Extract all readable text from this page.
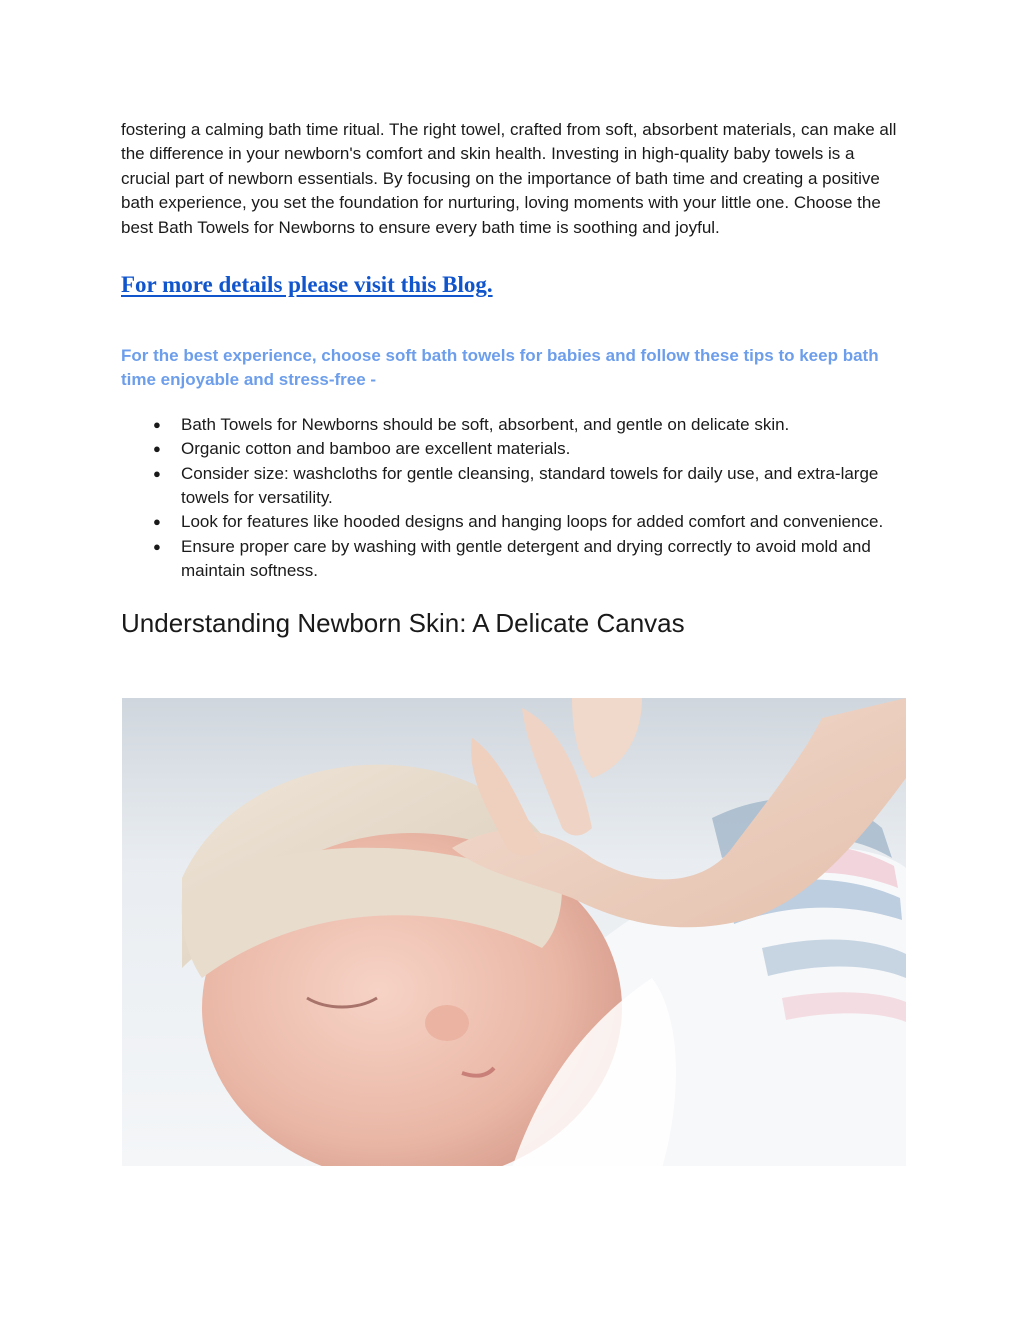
fostering a calming bath time ritual. The right towel, crafted from soft, absorbent materials, can make all the difference in your newborn's comfort and skin health. Investing in high-quality baby towels is a crucial part of newborn essentials. By focusing on the importance of bath time and creating a positive bath experience, you set the foundation for nurturing, loving moments with your little one. Choose the best Bath Towels for Newborns to ensure every bath time is soothing and joyful.

For more details please visit this Blog.

For the best experience, choose soft bath towels for babies and follow these tips to keep bath time enjoyable and stress-free -

● Bath Towels for Newborns should be soft, absorbent, and gentle on delicate skin.
● Organic cotton and bamboo are excellent materials.
● Consider size: washcloths for gentle cleansing, standard towels for daily use, and extra-large towels for versatility.
● Look for features like hooded designs and hanging loops for added comfort and convenience.
● Ensure proper care by washing with gentle detergent and drying correctly to avoid mold and maintain softness.
Understanding Newborn Skin: A Delicate Canvas
